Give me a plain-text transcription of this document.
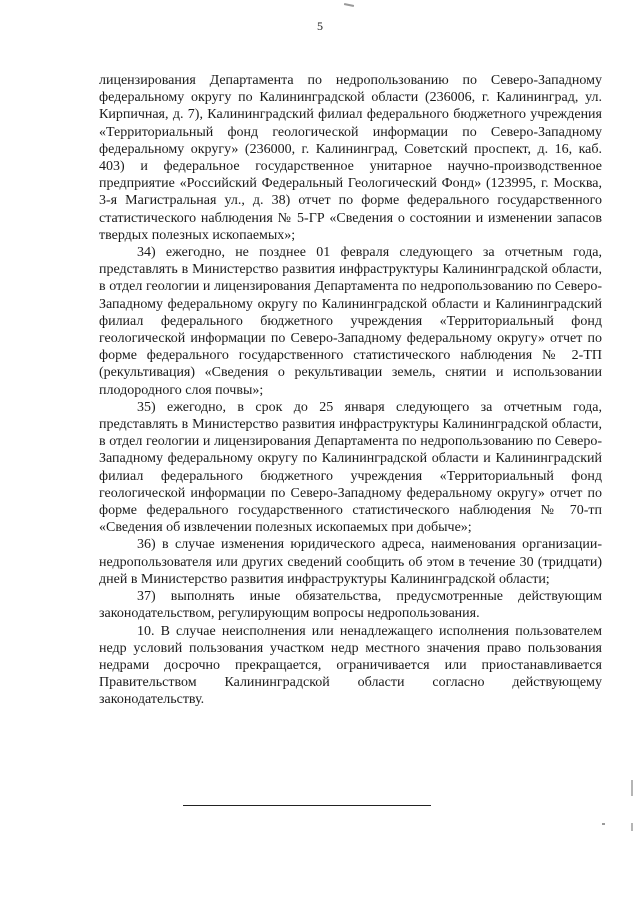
5

лицензирования Департамента по недропользованию по Северо-Западному федеральному округу по Калининградской области (236006, г. Калининград, ул. Кирпичная, д. 7), Калининградский филиал федерального бюджетного учреждения «Территориальный фонд геологической информации по Северо-Западному федеральному округу» (236000, г. Калининград, Советский проспект, д. 16, каб. 403) и федеральное государственное унитарное научно-производственное предприятие «Российский Федеральный Геологический Фонд» (123995, г. Москва, 3-я Магистральная ул., д. 38) отчет по форме федерального государственного статистического наблюдения № 5-ГР «Сведения о состоянии и изменении запасов твердых полезных ископаемых»;

34) ежегодно, не позднее 01 февраля следующего за отчетным года, представлять в Министерство развития инфраструктуры Калининградской области, в отдел геологии и лицензирования Департамента по недропользованию по Северо-Западному федеральному округу по Калининградской области и Калининградский филиал федерального бюджетного учреждения «Территориальный фонд геологической информации по Северо-Западному федеральному округу» отчет по форме федерального государственного статистического наблюдения № 2-ТП (рекультивация) «Сведения о рекультивации земель, снятии и использовании плодородного слоя почвы»;

35) ежегодно, в срок до 25 января следующего за отчетным года, представлять в Министерство развития инфраструктуры Калининградской области, в отдел геологии и лицензирования Департамента по недропользованию по Северо-Западному федеральному округу по Калининградской области и Калининградский филиал федерального бюджетного учреждения «Территориальный фонд геологической информации по Северо-Западному федеральному округу» отчет по форме федерального государственного статистического наблюдения № 70-тп «Сведения об извлечении полезных ископаемых при добыче»;

36) в случае изменения юридического адреса, наименования организации-недропользователя или других сведений сообщить об этом в течение 30 (тридцати) дней в Министерство развития инфраструктуры Калининградской области;

37) выполнять иные обязательства, предусмотренные действующим законодательством, регулирующим вопросы недропользования.

10. В случае неисполнения или ненадлежащего исполнения пользователем недр условий пользования участком недр местного значения право пользования недрами досрочно прекращается, ограничивается или приостанавливается Правительством Калининградской области согласно действующему законодательству.
